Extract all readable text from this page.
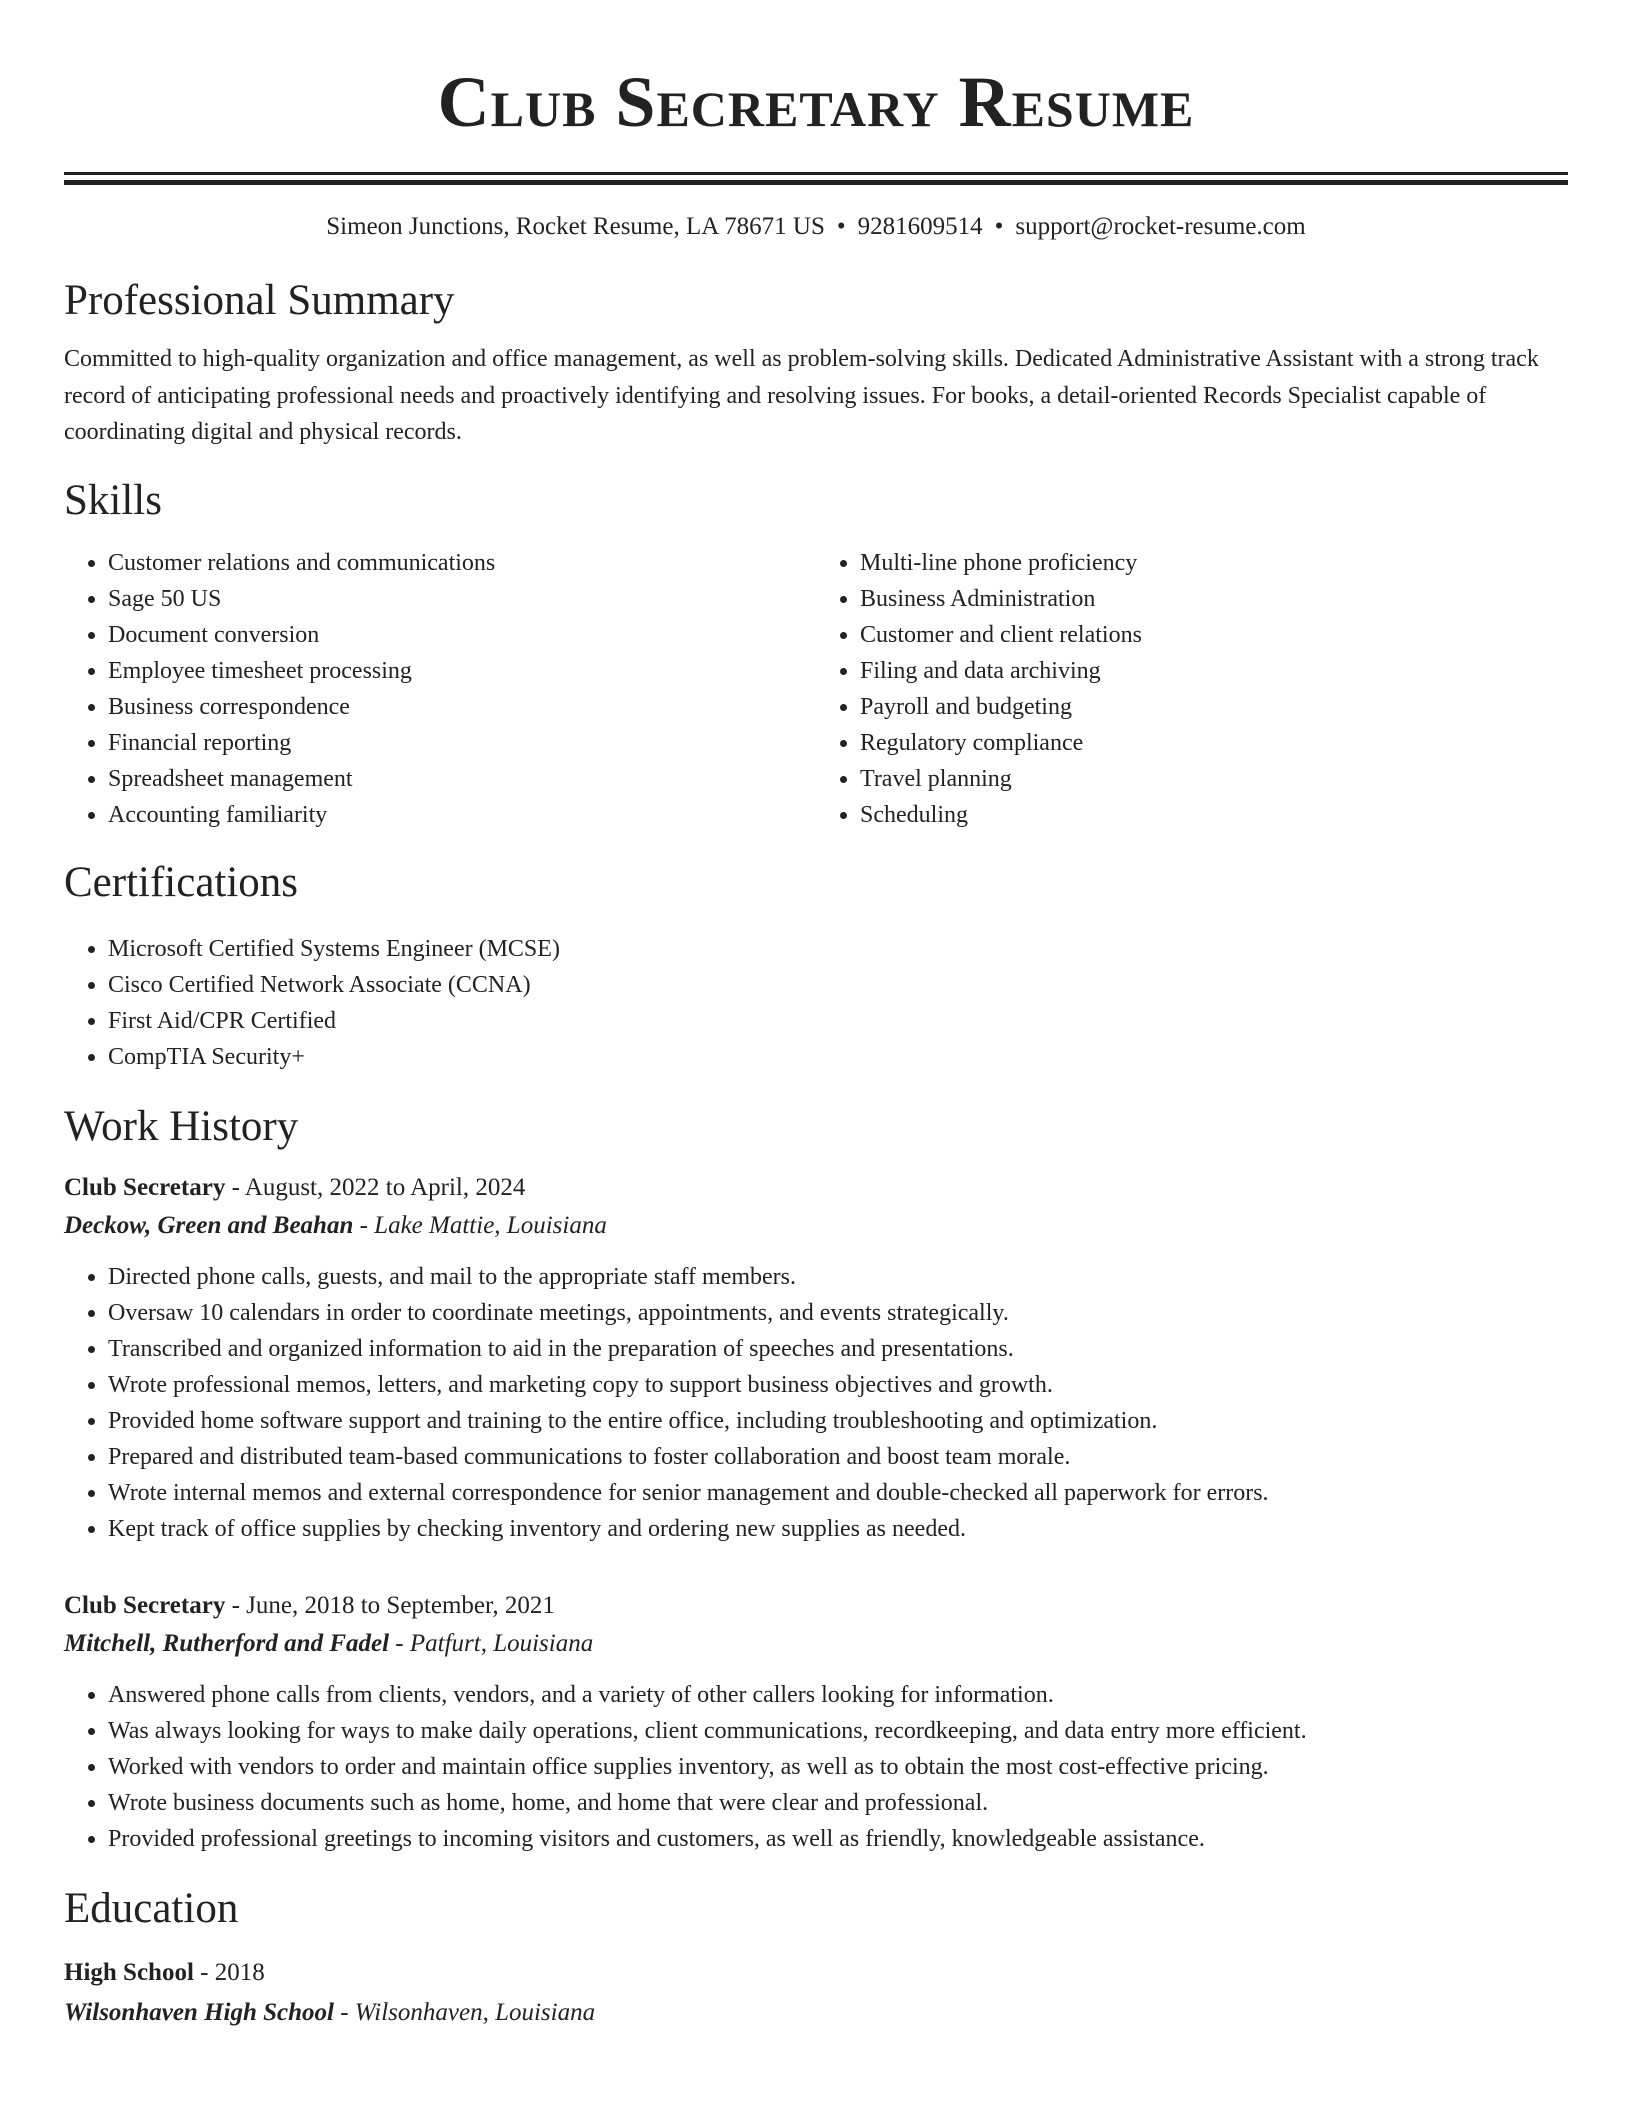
Club Secretary Resume
Simeon Junctions, Rocket Resume, LA 78671 US • 9281609514 • support@rocket-resume.com
Professional Summary

Committed to high-quality organization and office management, as well as problem-solving skills. Dedicated Administrative Assistant with a strong track record of anticipating professional needs and proactively identifying and resolving issues. For books, a detail-oriented Records Specialist capable of coordinating digital and physical records.

Skills
• Customer relations and communications
• Sage 50 US
• Document conversion
• Employee timesheet processing
• Business correspondence
• Financial reporting
• Spreadsheet management
• Accounting familiarity
• Multi-line phone proficiency
• Business Administration
• Customer and client relations
• Filing and data archiving
• Payroll and budgeting
• Regulatory compliance
• Travel planning
• Scheduling
Certifications
• Microsoft Certified Systems Engineer (MCSE)
• Cisco Certified Network Associate (CCNA)
• First Aid/CPR Certified
• CompTIA Security+
Work History
Club Secretary - August, 2022 to April, 2024
Deckow, Green and Beahan - Lake Mattie, Louisiana
• Directed phone calls, guests, and mail to the appropriate staff members.
• Oversaw 10 calendars in order to coordinate meetings, appointments, and events strategically.
• Transcribed and organized information to aid in the preparation of speeches and presentations.
• Wrote professional memos, letters, and marketing copy to support business objectives and growth.
• Provided home software support and training to the entire office, including troubleshooting and optimization.
• Prepared and distributed team-based communications to foster collaboration and boost team morale.
• Wrote internal memos and external correspondence for senior management and double-checked all paperwork for errors.
• Kept track of office supplies by checking inventory and ordering new supplies as needed.
Club Secretary - June, 2018 to September, 2021
Mitchell, Rutherford and Fadel - Patfurt, Louisiana
• Answered phone calls from clients, vendors, and a variety of other callers looking for information.
• Was always looking for ways to make daily operations, client communications, recordkeeping, and data entry more efficient.
• Worked with vendors to order and maintain office supplies inventory, as well as to obtain the most cost-effective pricing.
• Wrote business documents such as home, home, and home that were clear and professional.
• Provided professional greetings to incoming visitors and customers, as well as friendly, knowledgeable assistance.
Education
High School - 2018
Wilsonhaven High School - Wilsonhaven, Louisiana
